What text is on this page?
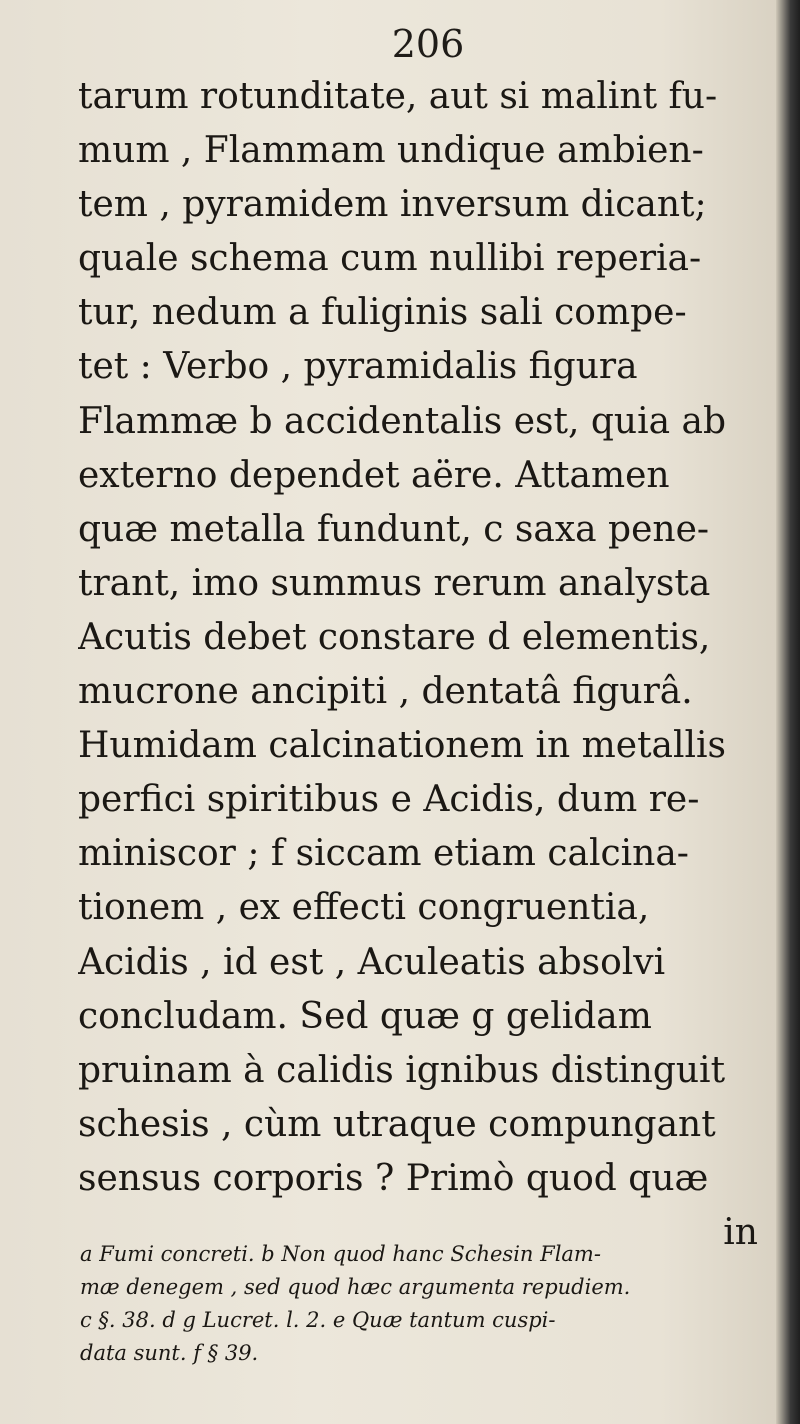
206
tarum rotunditate, aut si malint fu-
mum , Flammam undique ambien-
tem , pyramidem inversum dicant;
quale schema cum nullibi reperia-
tur, nedum a fuliginis sali compe-
tet : Verbo , pyramidalis figura
Flammæ b accidentalis est, quia ab
externo dependet aëre. Attamen
quæ metalla fundunt, c saxa pene-
trant, imo summus rerum analysta
Acutis debet constare d elementis,
mucrone ancipiti , dentatâ figurâ.
Humidam calcinationem in metallis
perfici spiritibus e Acidis, dum re-
miniscor ; f siccam etiam calcina-
tionem , ex effecti congruentia,
Acidis , id est , Aculeatis absolvi
concludam. Sed quæ g gelidam
pruinam à calidis ignibus distinguit
schesis , cùm utraque compungant
sensus corporis ? Primò quod quæ
in
a Fumi concreti. b Non quod hanc Schesin Flam-
mæ denegem , sed quod hæc argumenta repudiem.
c §. 38. d g Lucret. l. 2. e Quæ tantum cuspi-
data sunt. f § 39.
